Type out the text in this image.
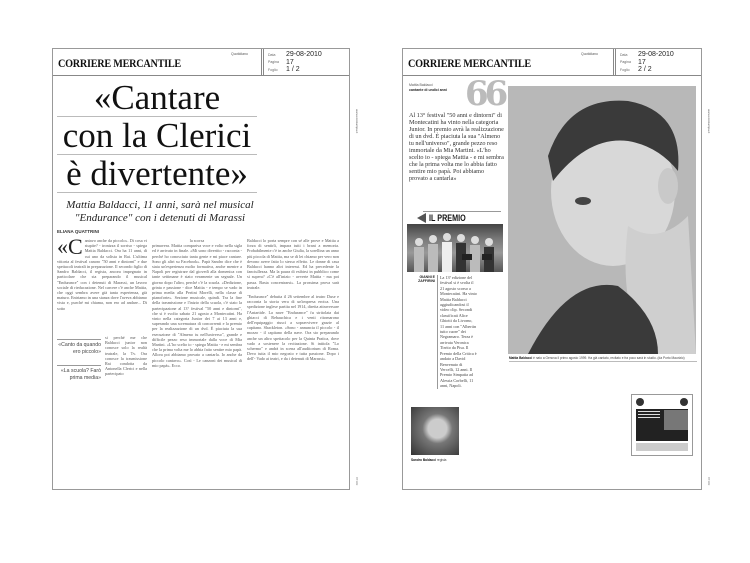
CORRIERE MERCANTILE
Quotidiano	Data	29-08-2010
Pagina	17
Foglio	1 / 2
www.ecostampa.it
07193
«Cantare
con la Clerici
è divertente»
Mattia Baldacci, 11 anni, sarà nel musical
"Endurance" con i detenuti di Marassi
ELIANA QUATTRINI
«Cantavo anche da piccolo». Di cosa vi stupite? - ironizza il sorriso - spiega Mattia Baldacci. Ora ha 11 anni, di cui uno da solista in Rai. L'ultima vittoria al festival canoro "50 anni e dintorni" e due spettacoli teatrali in preparazione. Il secondo figlio di Sandro Baldacci, il regista, ancora impegnato in particolare che sta preparando il musical "Endurance" con i detenuti di Marassi, un lavoro sociale di rieducazione. Nel carcere c'è anche Mattia, che oggi sembra avere già tanta esperienza, già maturo. Entriamo in una stanza dove l'aveva abbiamo vista e, purché mi chiama, non ero ad andare... Di sotto
«Canto da quando ero piccolo»
«La scuola? Farò prima media»
si perché me che Baldacci junior non conosce solo la realtà teatrale, la Tv. Ora conosce la trasmissione Rai condotta da Antonella Clerici e nella partecipato
la scorsa
primavera. Mattia compariva voce e volto nella sigla ed è arrivato in finale. «Mi sono divertito - racconta - perché ho conosciuto tanta gente e mi piace cantare. Sono gli altri su Facebook». Papà Sandro dice che è stata un'esperienza molto formativa, anche mentre a Napoli per registrare dal giovedì alla domenica con tante settimane è stato veramente un segnale. Un giorno dopo l'altro, perché c'è la scuola. «Dedizione, grinta e passione - dice Mattia - e tempo se vado in prima media alla Pertini Morelli, nella classe di pianoforte». Sezione musicale, quindi. Tra la fine della trasmissione e l'inizio della scuola, c'è stato la partecipazione al 13° festival "50 anni e dintorni", che si è svolto sabato 21 agosto a Montecatini. Ha vinto nella categoria Junior dei 7 ai 13 anni e, superando una scrematura di concorrenti e la premio per la realizzazione di un dvd. È piaciuta la sua esecuzione di "Almeno tu nell'universo", grande e difficile pezzo reso immortale dalla voce di Mia Martini. «L'ho scelto io - spiega Mattia - e mi sembra che la prima volta me lo abbia fatto sentire mio papà. Allora poi abbiamo provato a cantarla. Io anche da piccolo cantavo». Così - Le canzoni dei musical di mio papà». Ecco.

Baldacci lo porta sempre con sé alle prove e Mattia a forza di sentirli, impara tutti i brani a memoria. Probabilmente c'è in anche Giulia, la sorellina un anno più piccola di Mattia, ma se di lei chiamo per vero non devono avere fatto lo stesso effetto. Le donne di casa Baldacci hanno altri interessi. Ed ha precedente la fanciullezza. Ma la paura di esibirsi in pubblico come si supera? «C'è all'inizio - avverte Mattia - ma poi passa. Basta concentrarsi». La prossima prova sarà teatrale.

"Endurance" debutta il 26 settembre al teatro Duse e racconta la storia vera di un'impresa eroica. Una spedizione inglese partita nel 1914, diretta attraversare l'Antartide. La nave "Endurance" fu stritolata dai ghiacci di Rebauchica e i venti ritornarono dell'equipaggio riuscì a sopravvivere grazie al capitano. Shackleton. «Sono - annuncia il piccolo - il mozzo - il capitano della nave. Ora sto preparando anche un altro spettacolo per la Quinta Pratica, dove vado a sostenere la recitazione. Si intitola "Lo schermo" e andrà in scena all'auditorium di Roma. Devo tutta il mio negozio e tutta passione. Dopo i dell'- Vado ai teatri, e da i detenuti di Marassi».

CORRIERE MERCANTILE
Quotidiano	Data	29-08-2010
Pagina	17
Foglio	2 / 2
www.ecostampa.it
07193
66
Mattia Baldacci
cantante di undici anni
Al 13° festival "50 anni e dintorni" di Montecatini ha vinto nella categoria Junior. In premio avrà la realizzazione di un dvd. È piaciuta la sua "Almeno tu nell'universo", grande pezzo reso immortale da Mia Martini. «L'ho scelto io - spiega Mattia - e mi sembra che la prima volta me lo abbia fatto sentire mio papà. Poi abbiamo provato a cantarla»
IL PREMIO
GIANNI E ZAFFIRINI
La 13ª edizione del festival si è svolta il 21 agosto scorso a Montecatini. Ha vinto Mattia Baldacci aggiudicandosi il video clip. Secondi classificati Alice Ghiotti da Livorno, 11 anni con "Albertin tutto cuore" dei Negramaro. Terza è arrivata Veronica Tirrito da Pisa. Il Premio della Critica è andato a David Benvenuto di Vercelli, 12 anni. Il Premio Simpatia ad Alessia Corbelli, 11 anni, Napoli.
Sandro Baldacci regista
Mattia Baldacci è nato a Genova il primo agosto 1999. Ha già cantato, recitato e fra poco sarà in studio. (da Porto Maurizio)
